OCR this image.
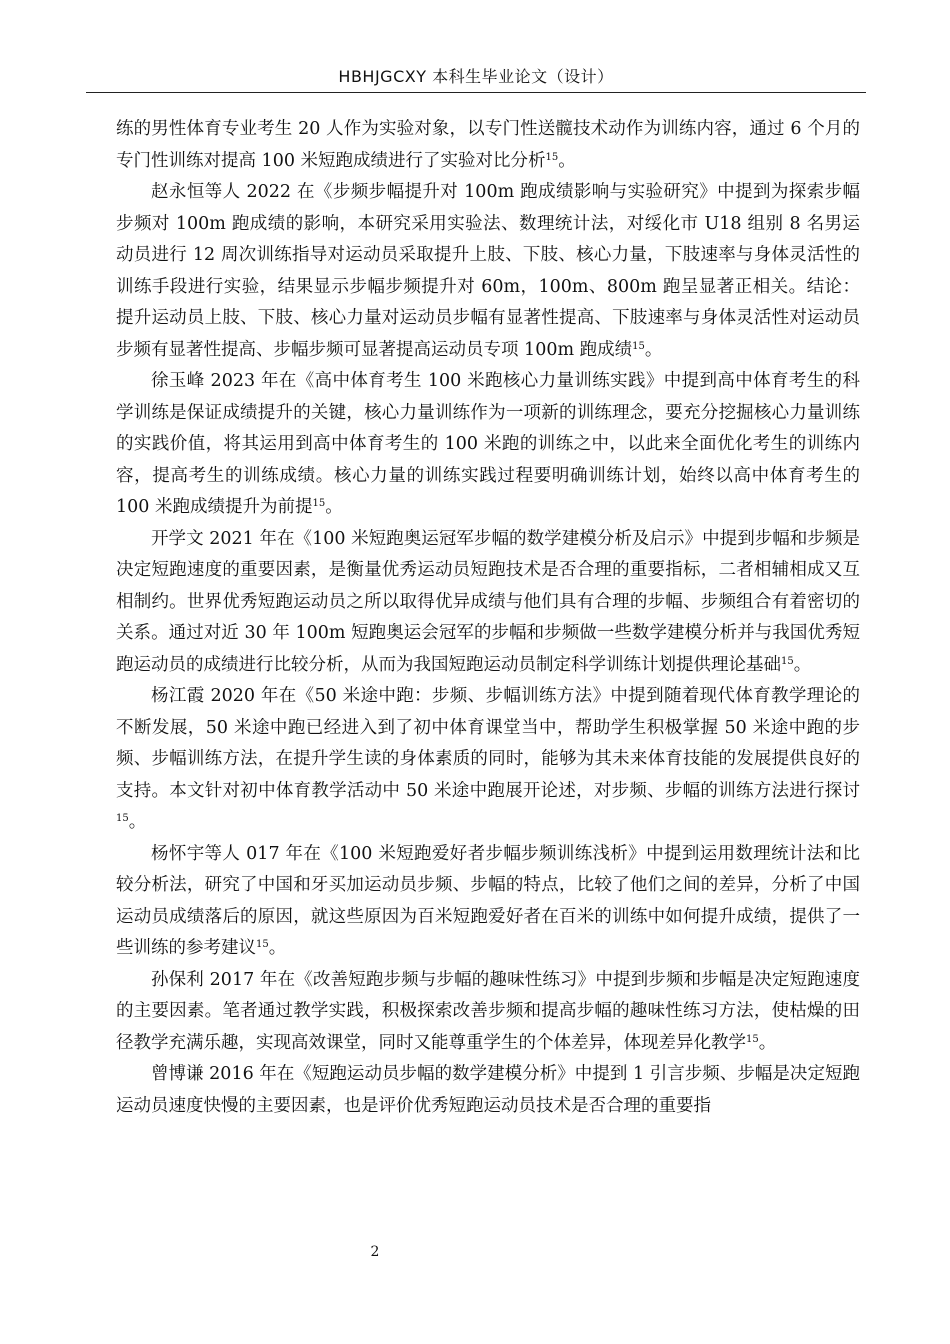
HBHJGCXY 本科生毕业论文（设计）

练的男性体育专业考生 20 人作为实验对象，以专门性送髋技术动作为训练内容，通过 6 个月的专门性训练对提高 100 米短跑成绩进行了实验对比分析$^{15}$。

赵永恒等人 2022 在《步频步幅提升对 100m 跑成绩影响与实验研究》中提到为探索步幅步频对 100m 跑成绩的影响，本研究采用实验法、数理统计法，对绥化市 U18 组别 8 名男运动员进行 12 周次训练指导对运动员采取提升上肢、下肢、核心力量，下肢速率与身体灵活性的训练手段进行实验，结果显示步幅步频提升对 60m，100m、800m 跑呈显著正相关。结论：提升运动员上肢、下肢、核心力量对运动员步幅有显著性提高、下肢速率与身体灵活性对运动员步频有显著性提高、步幅步频可显著提高运动员专项 100m 跑成绩$^{15}$。

徐玉峰 2023 年在《高中体育考生 100 米跑核心力量训练实践》中提到高中体育考生的科学训练是保证成绩提升的关键，核心力量训练作为一项新的训练理念，要充分挖掘核心力量训练的实践价值，将其运用到高中体育考生的 100 米跑的训练之中，以此来全面优化考生的训练内容，提高考生的训练成绩。核心力量的训练实践过程要明确训练计划，始终以高中体育考生的 100 米跑成绩提升为前提$^{15}$。

开学文 2021 年在《100 米短跑奥运冠军步幅的数学建模分析及启示》中提到步幅和步频是决定短跑速度的重要因素，是衡量优秀运动员短跑技术是否合理的重要指标，二者相辅相成又互相制约。世界优秀短跑运动员之所以取得优异成绩与他们具有合理的步幅、步频组合有着密切的关系。通过对近 30 年 100m 短跑奥运会冠军的步幅和步频做一些数学建模分析并与我国优秀短跑运动员的成绩进行比较分析，从而为我国短跑运动员制定科学训练计划提供理论基础$^{15}$。

杨江霞 2020 年在《50 米途中跑：步频、步幅训练方法》中提到随着现代体育教学理论的不断发展，50 米途中跑已经进入到了初中体育课堂当中，帮助学生积极掌握 50 米途中跑的步频、步幅训练方法，在提升学生读的身体素质的同时，能够为其未来体育技能的发展提供良好的支持。本文针对初中体育教学活动中 50 米途中跑展开论述，对步频、步幅的训练方法进行探讨$^{15}$。

杨怀宇等人 017 年在《100 米短跑爱好者步幅步频训练浅析》中提到运用数理统计法和比较分析法，研究了中国和牙买加运动员步频、步幅的特点，比较了他们之间的差异，分析了中国运动员成绩落后的原因，就这些原因为百米短跑爱好者在百米的训练中如何提升成绩，提供了一些训练的参考建议$^{15}$。

孙保利 2017 年在《改善短跑步频与步幅的趣味性练习》中提到步频和步幅是决定短跑速度的主要因素。笔者通过教学实践，积极探索改善步频和提高步幅的趣味性练习方法，使枯燥的田径教学充满乐趣，实现高效课堂，同时又能尊重学生的个体差异，体现差异化教学$^{15}$。

曾博谦 2016 年在《短跑运动员步幅的数学建模分析》中提到 1 引言步频、步幅是决定短跑运动员速度快慢的主要因素，也是评价优秀短跑运动员技术是否合理的重要指

2
